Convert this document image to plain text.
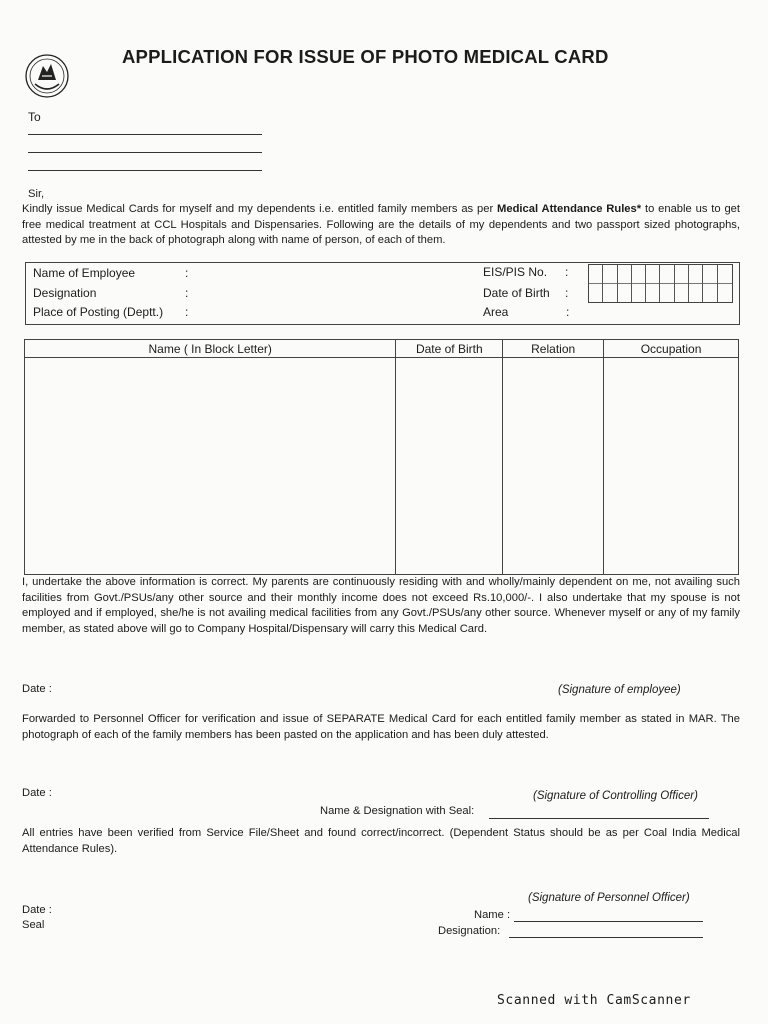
APPLICATION FOR ISSUE OF PHOTO MEDICAL CARD
To
Sir,
Kindly issue Medical Cards for myself and my dependents i.e. entitled family members as per Medical Attendance Rules* to enable us to get free medical treatment at CCL Hospitals and Dispensaries. Following are the details of my dependents and two passport sized photographs, attested by me in the back of photograph along with name of person, of each of them.
Name of Employee	:
Designation	:
Place of Posting (Deptt.) :
EIS/PIS No. :
Date of Birth :
Area	:
Name ( In Block Letter)	Date of Birth	Relation	Occupation

I, undertake the above information is correct. My parents are continuously residing with and wholly/mainly dependent on me, not availing such facilities from Govt./PSUs/any other source and their monthly income does not exceed Rs.10,000/-. I also undertake that my spouse is not employed and if employed, she/he is not availing medical facilities from any Govt./PSUs/any other source. Whenever myself or any of my family member, as stated above will go to Company Hospital/Dispensary will carry this Medical Card.
Date :	(Signature of employee)
Forwarded to Personnel Officer for verification and issue of SEPARATE Medical Card for each entitled family member as stated in MAR. The photograph of each of the family members has been pasted on the application and has been duly attested.
Date :	(Signature of Controlling Officer)
Name & Designation with Seal:
All entries have been verified from Service File/Sheet and found correct/incorrect. (Dependent Status should be as per Coal India Medical Attendance Rules).
(Signature of Personnel Officer)
Date :
Seal
Name :
Designation:
Scanned with CamScanner
